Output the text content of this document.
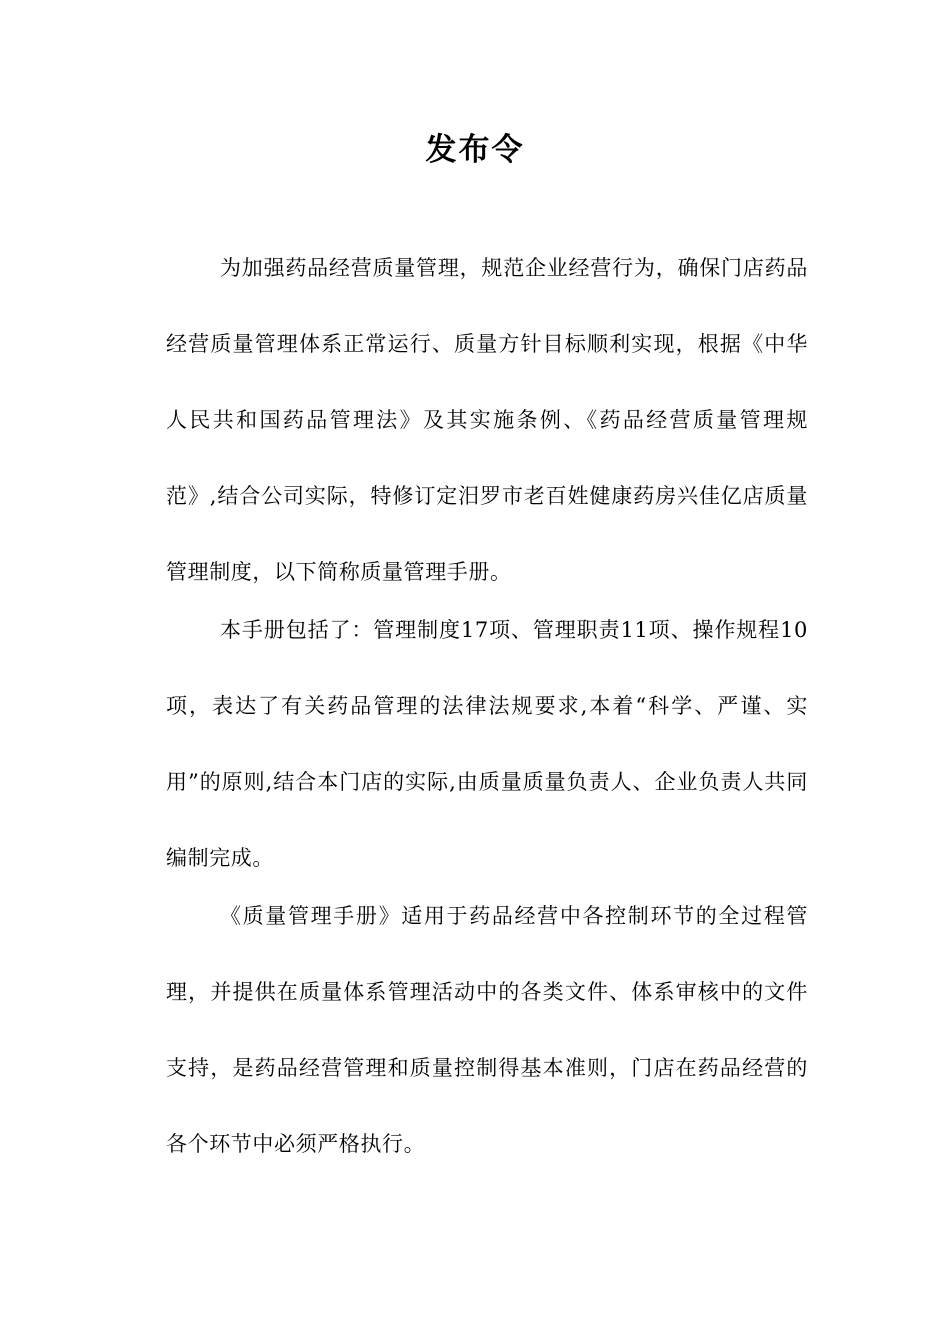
发布令

为加强药品经营质量管理，规范企业经营行为，确保门店药品经营质量管理体系正常运行、质量方针目标顺利实现，根据《中华人民共和国药品管理法》及其实施条例、《药品经营质量管理规范》,结合公司实际，特修订定汨罗市老百姓健康药房兴佳亿店质量管理制度，以下简称质量管理手册。

本手册包括了：管理制度17项、管理职责11项、操作规程10项，表达了有关药品管理的法律法规要求,本着“科学、严谨、实用”的原则,结合本门店的实际,由质量质量负责人、企业负责人共同编制完成。

《质量管理手册》适用于药品经营中各控制环节的全过程管理，并提供在质量体系管理活动中的各类文件、体系审核中的文件支持，是药品经营管理和质量控制得基本准则，门店在药品经营的各个环节中必须严格执行。
